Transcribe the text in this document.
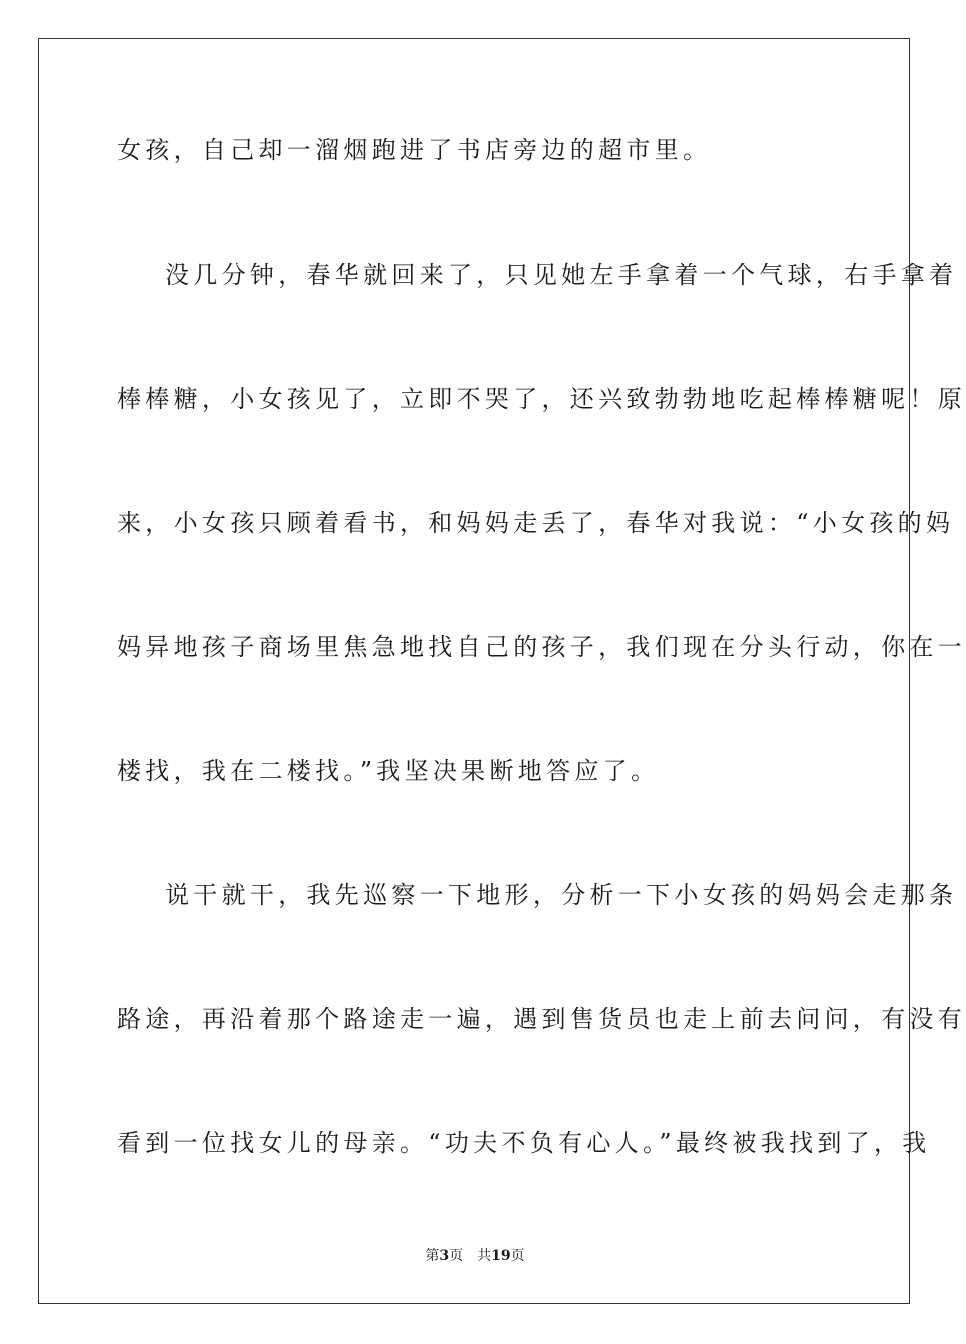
女孩，自己却一溜烟跑进了书店旁边的超市里。
没几分钟，春华就回来了，只见她左手拿着一个气球，右手拿着
棒棒糖，小女孩见了，立即不哭了，还兴致勃勃地吃起棒棒糖呢！原
来，小女孩只顾着看书，和妈妈走丢了，春华对我说：“小女孩的妈
妈异地孩子商场里焦急地找自己的孩子，我们现在分头行动，你在一
楼找，我在二楼找。”我坚决果断地答应了。
说干就干，我先巡察一下地形，分析一下小女孩的妈妈会走那条
路途，再沿着那个路途走一遍，遇到售货员也走上前去问问，有没有
看到一位找女儿的母亲。“功夫不负有心人。”最终被我找到了，我
第3页 共19页
